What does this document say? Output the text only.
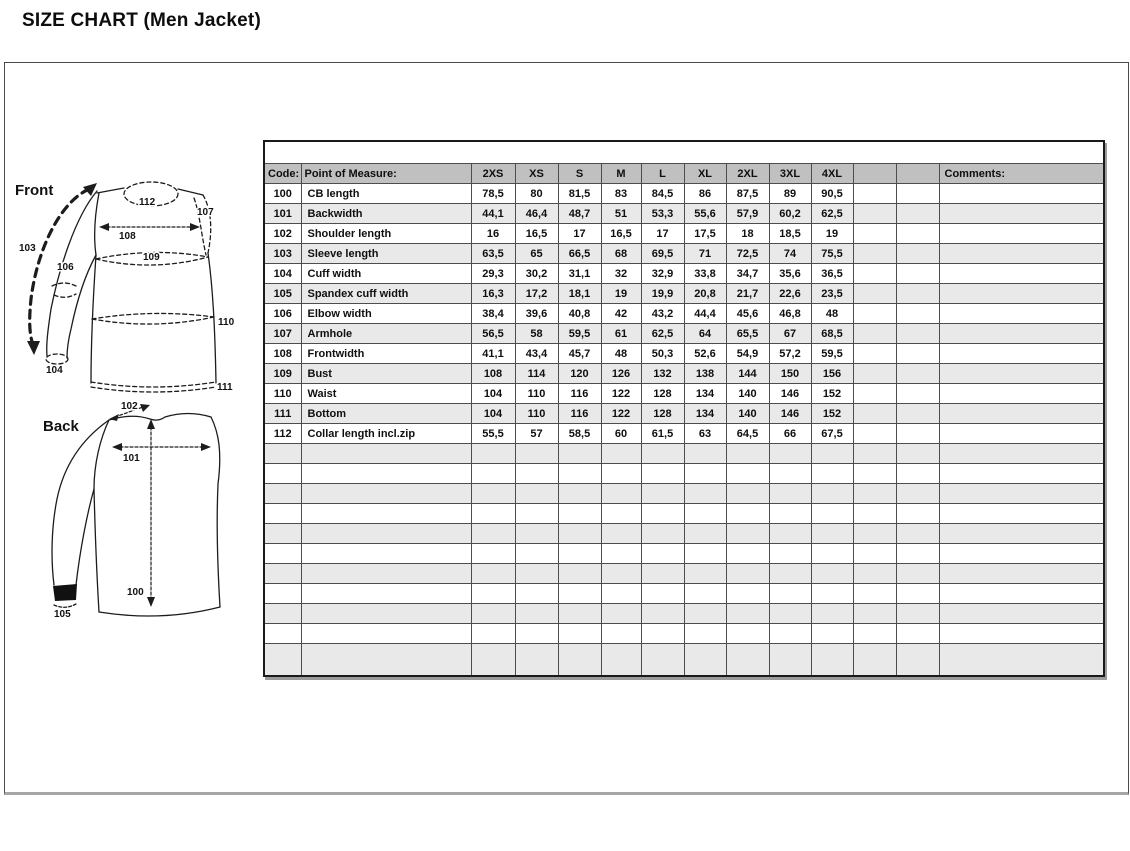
SIZE CHART (Men Jacket)
Front
112
107
108
103
109
106
110
104
111
Back
102
101
100
105

Code:	Point of Measure:	2XS	XS	S	M	L	XL	2XL	3XL	4XL			Comments:
100	CB length	78,5	80	81,5	83	84,5	86	87,5	89	90,5			
101	Backwidth	44,1	46,4	48,7	51	53,3	55,6	57,9	60,2	62,5			
102	Shoulder length	16	16,5	17	16,5	17	17,5	18	18,5	19			
103	Sleeve length	63,5	65	66,5	68	69,5	71	72,5	74	75,5			
104	Cuff width	29,3	30,2	31,1	32	32,9	33,8	34,7	35,6	36,5			
105	Spandex cuff width	16,3	17,2	18,1	19	19,9	20,8	21,7	22,6	23,5			
106	Elbow width	38,4	39,6	40,8	42	43,2	44,4	45,6	46,8	48			
107	Armhole	56,5	58	59,5	61	62,5	64	65,5	67	68,5			
108	Frontwidth	41,1	43,4	45,7	48	50,3	52,6	54,9	57,2	59,5			
109	Bust	108	114	120	126	132	138	144	150	156			
110	Waist	104	110	116	122	128	134	140	146	152			
111	Bottom	104	110	116	122	128	134	140	146	152			
112	Collar length incl.zip	55,5	57	58,5	60	61,5	63	64,5	66	67,5			
